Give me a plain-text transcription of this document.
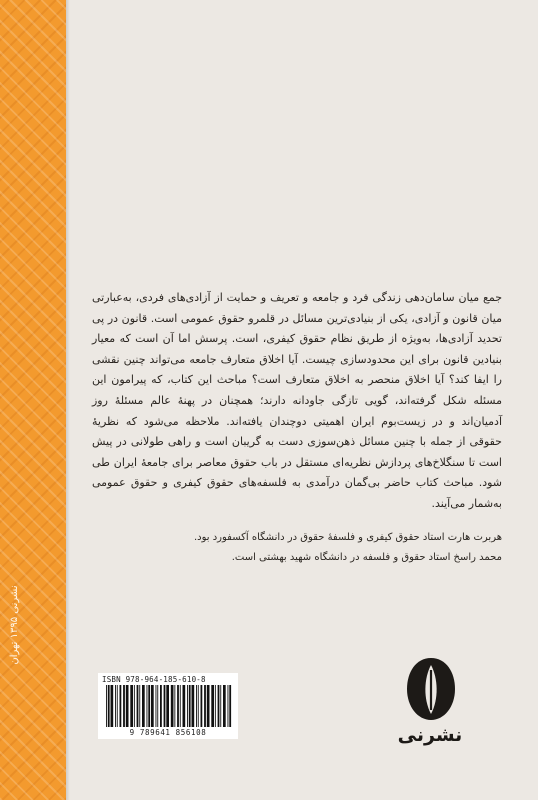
نشرنی ۱۳۹۵ تهران
جمع میان سامان‌دهی زندگی فرد و جامعه و تعریف و حمایت از آزادی‌های فردی، به‌عبارتی میان قانون و آزادی، یکی از بنیادی‌ترین مسائل در قلمرو حقوق عمومی است. قانون در پی تحدید آزادی‌ها، به‌ویژه از طریق نظام حقوق کیفری، است. پرسش اما آن است که معیار بنیادین قانون برای این محدودسازی چیست. آیا اخلاق متعارف جامعه می‌تواند چنین نقشی را ایفا کند؟ آیا اخلاق منحصر به اخلاق متعارف است؟ مباحث این کتاب، که پیرامون این مسئله شکل گرفته‌اند، گویی تازگی جاودانه دارند؛ همچنان در پهنهٔ عالم مسئلهٔ روز آدمیان‌اند و در زیست‌بوم ایران اهمیتی دوچندان یافته‌اند. ملاحظه می‌شود که نظریهٔ حقوقی از جمله با چنین مسائل ذهن‌سوزی دست به گریبان است و راهی طولانی در پیش است تا سنگلاخ‌های پردازش نظریه‌ای مستقل در باب حقوق معاصر برای جامعهٔ ایران طی شود. مباحث کتاب حاضر بی‌گمان درآمدی به فلسفه‌های حقوق کیفری و حقوق عمومی به‌شمار می‌آیند.
هربرت هارت استاد حقوق کیفری و فلسفهٔ حقوق در دانشگاه آکسفورد بود.
محمد راسخ استاد حقوق و فلسفه در دانشگاه شهید بهشتی است.
ISBN 978-964-185-610-8
9 789641 856108	نشرنی
